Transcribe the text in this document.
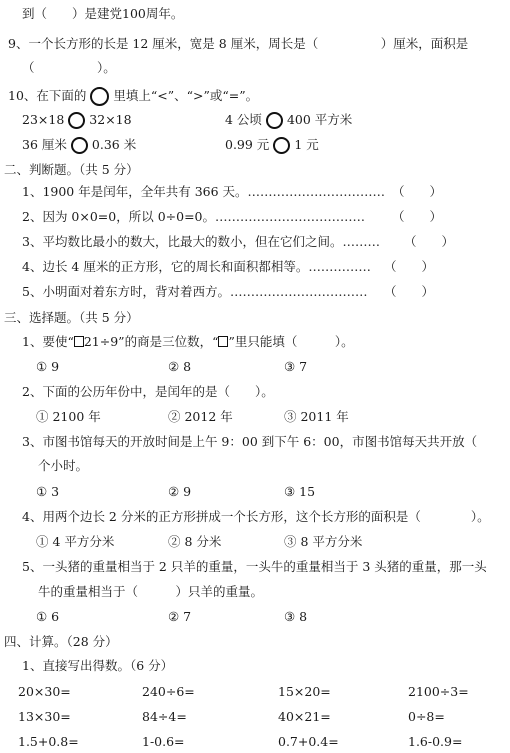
到（　　）是建党100周年。
9、一个长方形的长是 12 厘米，宽是 8 厘米，周长是（　　　　　）厘米，面积是
（　　　　　）。
10、在下面的 里填上“<”、“>”或“=”。
23×18 32×18	4 公顷 400 平方米
36 厘米 0.36 米	0.99 元 1 元
二、判断题。（共 5 分）
1、1900 年是闰年，全年共有 366 天。…………………………… （　　）
2、因为 0×0=0，所以 0÷0=0。……………………………… （　　）
3、平均数比最小的数大，比最大的数小，但在它们之间。……… （　　）
4、边长 4 厘米的正方形，它的周长和面积都相等。…………… （　　）
5、小明面对着东方时，背对着西方。…………………………… （　　）
三、选择题。（共 5 分）
1、要使“ 21÷9”的商是三位数，“ ”里只能填（　　　）。
① 9	② 8	③ 7
2、下面的公历年份中，是闰年的是（　　）。
① 2100 年	② 2012 年	③ 2011 年
3、市图书馆每天的开放时间是上午 9：00 到下午 6：00，市图书馆每天共开放（
个小时。
① 3	② 9	③ 15
4、用两个边长 2 分米的正方形拼成一个长方形，这个长方形的面积是（　　　　）。
① 4 平方分米	② 8 分米	③ 8 平方分米
5、一头猪的重量相当于 2 只羊的重量，一头牛的重量相当于 3 头猪的重量，那一头
牛的重量相当于（　　　）只羊的重量。
① 6	② 7	③ 8
四、计算。（28 分）
1、直接写出得数。（6 分）
20×30=	240÷6=	15×20=	2100÷3=
13×30=	84÷4=	40×21=	0÷8=
1.5+0.8=	1-0.6=	0.7+0.4=	1.6-0.9=
